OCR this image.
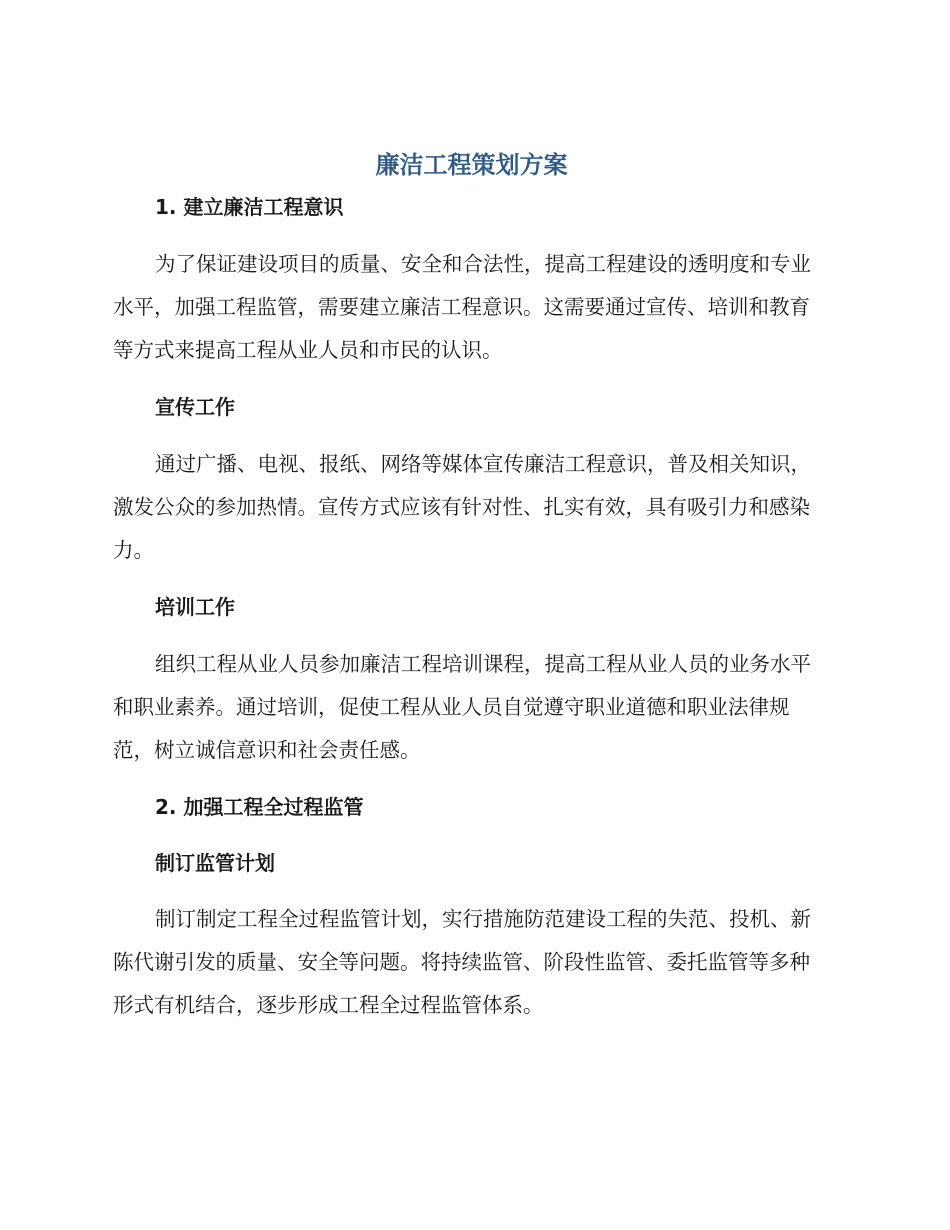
廉洁工程策划方案
1. 建立廉洁工程意识

为了保证建设项目的质量、安全和合法性，提高工程建设的透明度和专业水平，加强工程监管，需要建立廉洁工程意识。这需要通过宣传、培训和教育等方式来提高工程从业人员和市民的认识。

宣传工作

通过广播、电视、报纸、网络等媒体宣传廉洁工程意识，普及相关知识，激发公众的参加热情。宣传方式应该有针对性、扎实有效，具有吸引力和感染力。

培训工作

组织工程从业人员参加廉洁工程培训课程，提高工程从业人员的业务水平和职业素养。通过培训，促使工程从业人员自觉遵守职业道德和职业法律规范，树立诚信意识和社会责任感。

2. 加强工程全过程监管
制订监管计划

制订制定工程全过程监管计划，实行措施防范建设工程的失范、投机、新陈代谢引发的质量、安全等问题。将持续监管、阶段性监管、委托监管等多种形式有机结合，逐步形成工程全过程监管体系。
